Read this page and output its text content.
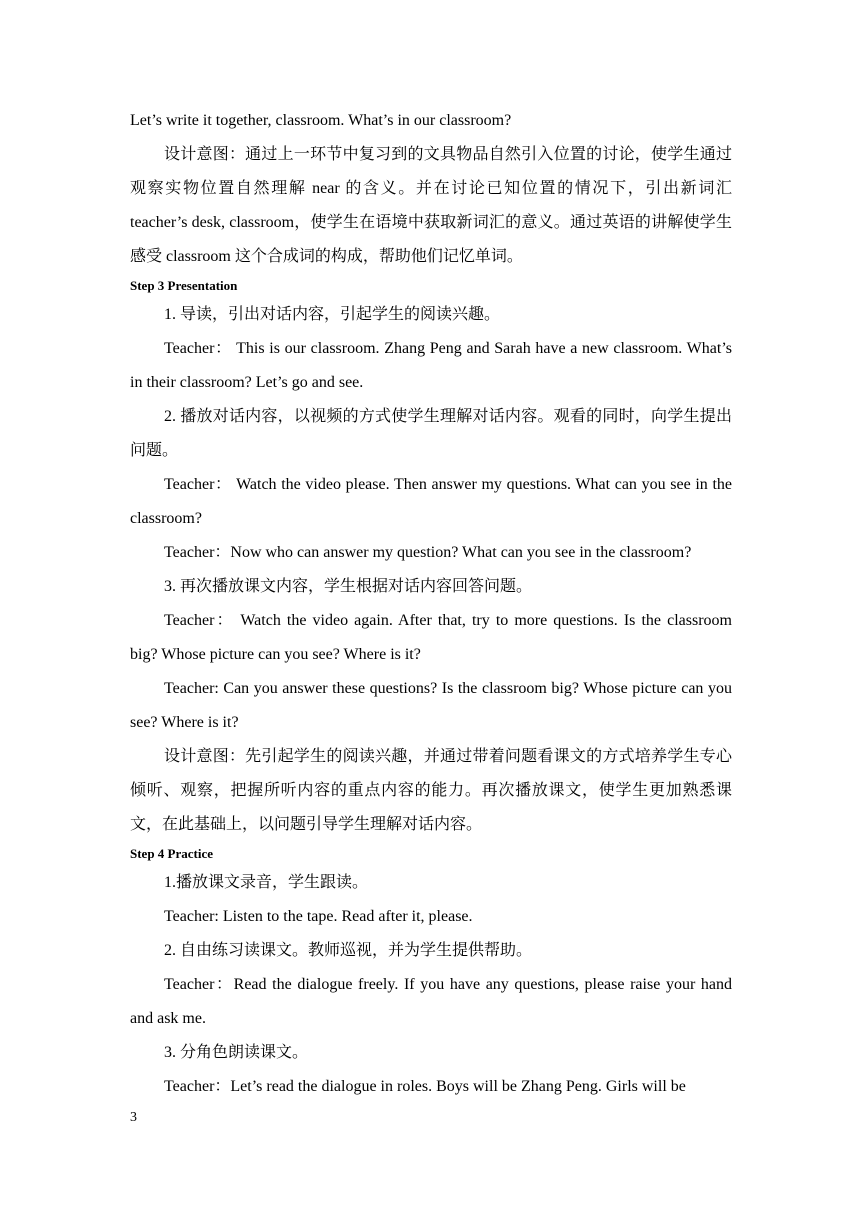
Let’s write it together, classroom. What’s in our classroom?

设计意图：通过上一环节中复习到的文具物品自然引入位置的讨论，使学生通过观察实物位置自然理解 near 的含义。并在讨论已知位置的情况下，引出新词汇 teacher’s desk, classroom，使学生在语境中获取新词汇的意义。通过英语的讲解使学生感受 classroom 这个合成词的构成，帮助他们记忆单词。

Step 3 Presentation

1. 导读，引出对话内容，引起学生的阅读兴趣。

Teacher： This is our classroom. Zhang Peng and Sarah have a new classroom. What’s in their classroom? Let’s go and see.

2. 播放对话内容，以视频的方式使学生理解对话内容。观看的同时，向学生提出问题。

Teacher： Watch the video please. Then answer my questions. What can you see in the classroom?

Teacher：Now who can answer my question? What can you see in the classroom?

3. 再次播放课文内容，学生根据对话内容回答问题。

Teacher： Watch the video again. After that, try to more questions. Is the classroom big? Whose picture can you see? Where is it?

Teacher: Can you answer these questions? Is the classroom big? Whose picture can you see? Where is it?

设计意图：先引起学生的阅读兴趣，并通过带着问题看课文的方式培养学生专心倾听、观察，把握所听内容的重点内容的能力。再次播放课文，使学生更加熟悉课文，在此基础上，以问题引导学生理解对话内容。

Step 4 Practice

1.播放课文录音，学生跟读。

Teacher: Listen to the tape. Read after it, please.

2. 自由练习读课文。教师巡视，并为学生提供帮助。

Teacher：Read the dialogue freely. If you have any questions, please raise your hand and ask me.

3. 分角色朗读课文。

Teacher：Let’s read the dialogue in roles. Boys will be Zhang Peng. Girls will be

3
